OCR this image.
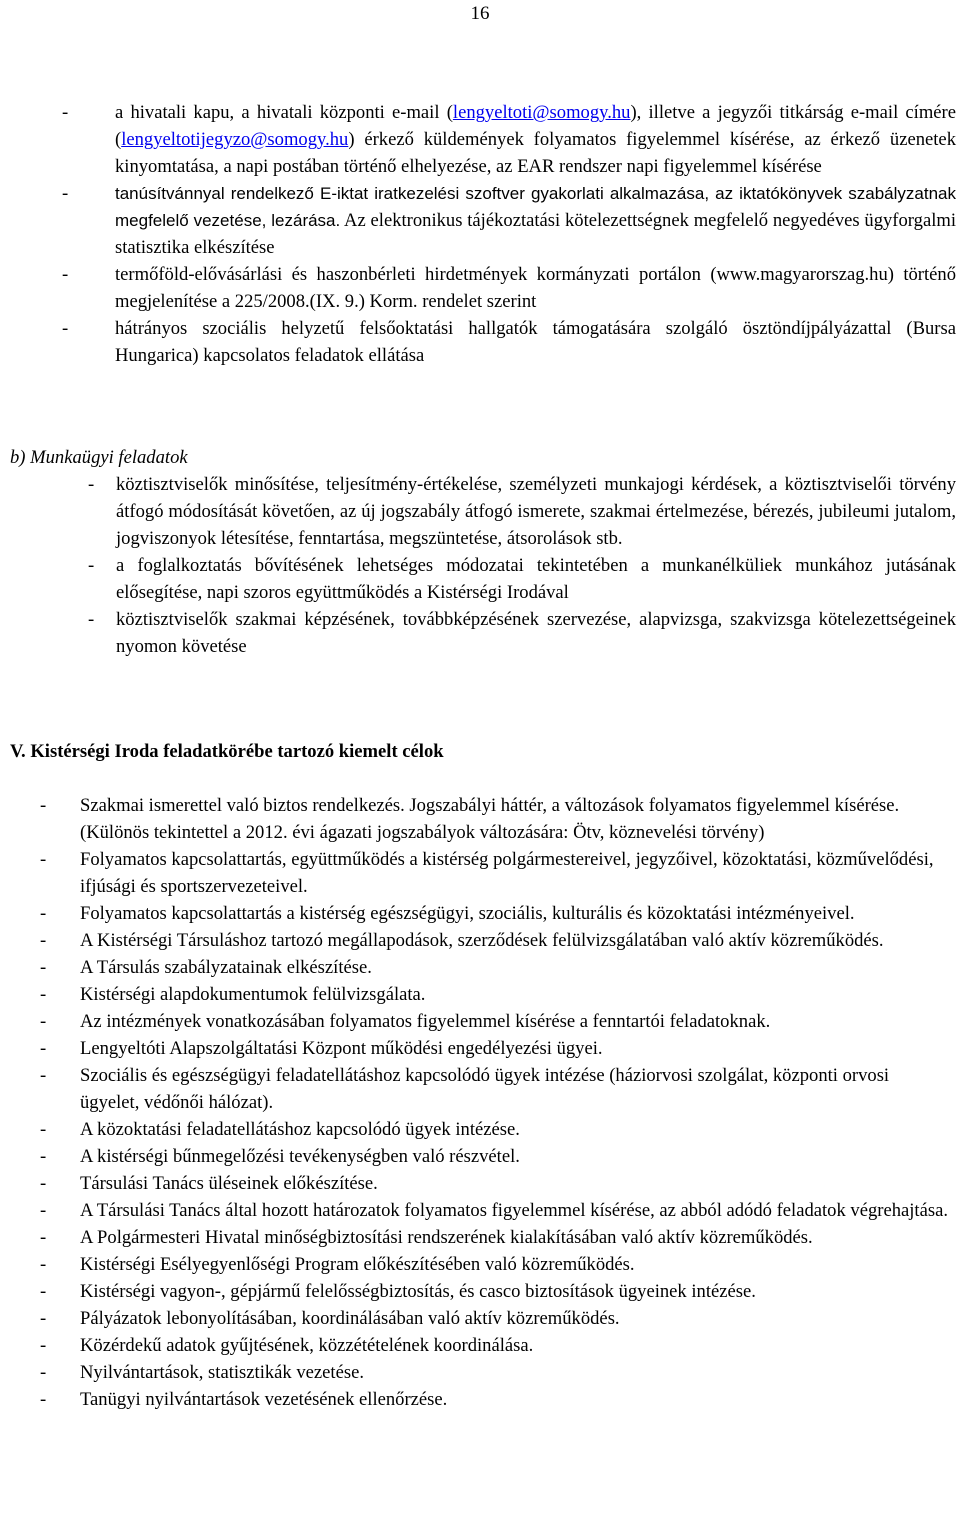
16
-	a hivatali kapu, a hivatali központi e-mail (lengyeltoti@somogy.hu), illetve a jegyzői titkárság e-mail címére (lengyeltotijegyzo@somogy.hu) érkező küldemények folyamatos figyelemmel kísérése, az érkező üzenetek kinyomtatása, a napi postában történő elhelyezése, az EAR rendszer napi figyelemmel kísérése
-	tanúsítvánnyal rendelkező E-iktat iratkezelési szoftver gyakorlati alkalmazása, az iktatókönyvek szabályzatnak megfelelő vezetése, lezárása. Az elektronikus tájékoztatási kötelezettségnek megfelelő negyedéves ügyforgalmi statisztika elkészítése
-	termőföld-elővásárlási és haszonbérleti hirdetmények kormányzati portálon (www.magyarorszag.hu) történő megjelenítése a 225/2008.(IX. 9.) Korm. rendelet szerint
-	hátrányos szociális helyzetű felsőoktatási hallgatók támogatására szolgáló ösztöndíjpályázattal (Bursa Hungarica) kapcsolatos feladatok ellátása
b) Munkaügyi feladatok
- köztisztviselők minősítése, teljesítmény-értékelése, személyzeti munkajogi kérdések, a köztisztviselői törvény átfogó módosítását követően, az új jogszabály átfogó ismerete, szakmai értelmezése, bérezés, jubileumi jutalom, jogviszonyok létesítése, fenntartása, megszüntetése, átsorolások stb.
- a foglalkoztatás bővítésének lehetséges módozatai tekintetében a munkanélküliek munkához jutásának elősegítése, napi szoros együttműködés a Kistérségi Irodával
- köztisztviselők szakmai képzésének, továbbképzésének szervezése, alapvizsga, szakvizsga kötelezettségeinek nyomon követése
V. Kistérségi Iroda feladatkörébe tartozó kiemelt célok
- Szakmai ismerettel való biztos rendelkezés. Jogszabályi háttér, a változások folyamatos figyelemmel kísérése. (Különös tekintettel a 2012. évi ágazati jogszabályok változására: Ötv, köznevelési törvény)
- Folyamatos kapcsolattartás, együttműködés a kistérség polgármestereivel, jegyzőivel, közoktatási, közművelődési, ifjúsági és sportszervezeteivel.
- Folyamatos kapcsolattartás a kistérség egészségügyi, szociális, kulturális és közoktatási intézményeivel.
- A Kistérségi Társuláshoz tartozó megállapodások, szerződések felülvizsgálatában való aktív közreműködés.
- A Társulás szabályzatainak elkészítése.
- Kistérségi alapdokumentumok felülvizsgálata.
- Az intézmények vonatkozásában folyamatos figyelemmel kísérése a fenntartói feladatoknak.
- Lengyeltóti Alapszolgáltatási Központ működési engedélyezési ügyei.
- Szociális és egészségügyi feladatellátáshoz kapcsolódó ügyek intézése (háziorvosi szolgálat, központi orvosi ügyelet, védőnői hálózat).
- A közoktatási feladatellátáshoz kapcsolódó ügyek intézése.
- A kistérségi bűnmegelőzési tevékenységben való részvétel.
- Társulási Tanács üléseinek előkészítése.
- A Társulási Tanács által hozott határozatok folyamatos figyelemmel kísérése, az abból adódó feladatok végrehajtása.
- A Polgármesteri Hivatal minőségbiztosítási rendszerének kialakításában való aktív közreműködés.
- Kistérségi Esélyegyenlőségi Program előkészítésében való közreműködés.
- Kistérségi vagyon-, gépjármű felelősségbiztosítás, és casco biztosítások ügyeinek intézése.
- Pályázatok lebonyolításában, koordinálásában való aktív közreműködés.
- Közérdekű adatok gyűjtésének, közzétételének koordinálása.
- Nyilvántartások, statisztikák vezetése.
- Tanügyi nyilvántartások vezetésének ellenőrzése.
